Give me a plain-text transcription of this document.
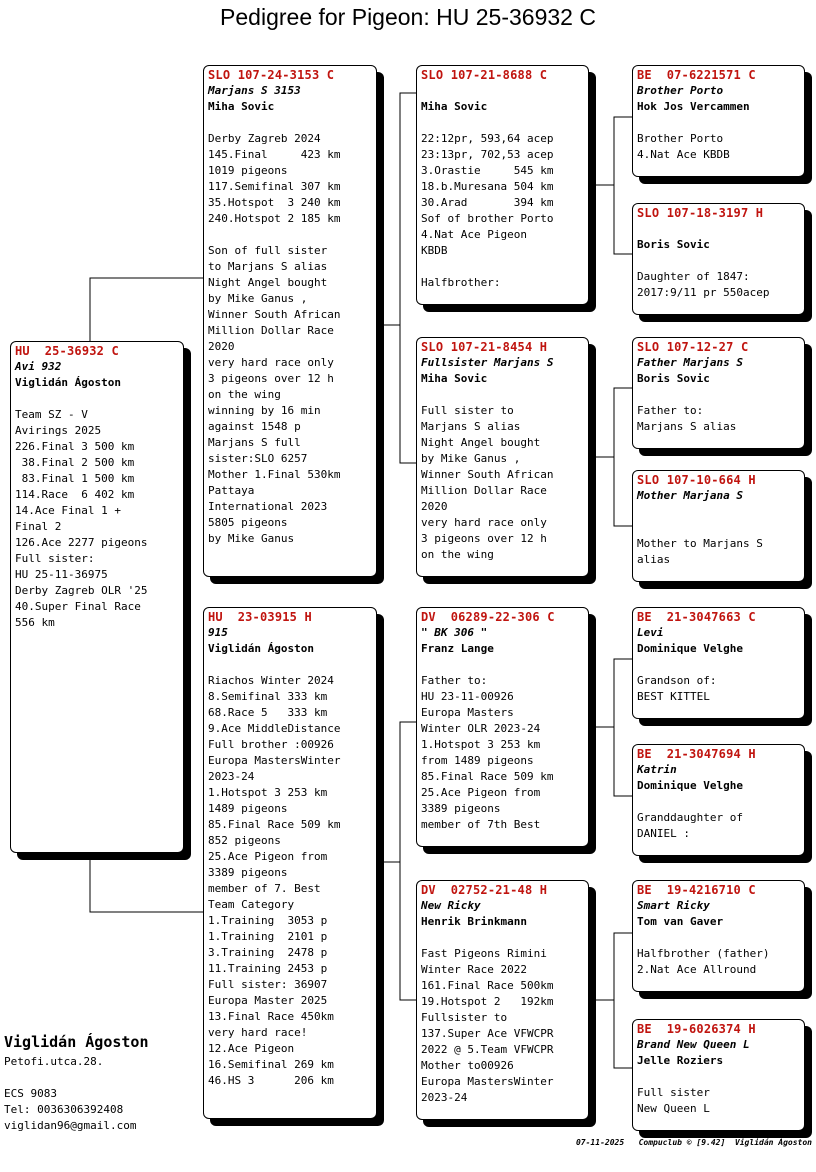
Pedigree for Pigeon: HU 25-36932 C
HU  25-36932 C
Avi 932
Viglidán Ágoston
Team SZ - V
Avirings 2025
226.Final 3 500 km
38.Final 2 500 km
83.Final 1 500 km
114.Race  6 402 km
14.Ace Final 1 +
Final 2
126.Ace 2277 pigeons
Full sister:
HU 25-11-36975
Derby Zagreb OLR '25
40.Super Final Race
556 km
SLO 107-24-3153 C
Marjans S 3153
Miha Sovic
Derby Zagreb 2024
145.Final     423 km
1019 pigeons
117.Semifinal 307 km
35.Hotspot  3 240 km
240.Hotspot 2 185 km

Son of full sister
to Marjans S alias
Night Angel bought
by Mike Ganus ,
Winner South African
Million Dollar Race
2020
very hard race only
3 pigeons over 12 h
on the wing
winning by 16 min
against 1548 p
Marjans S full
sister:SLO 6257
Mother 1.Final 530km
Pattaya
International 2023
5805 pigeons
by Mike Ganus
HU  23-03915 H
915
Viglidán Ágoston
Riachos Winter 2024
8.Semifinal 333 km
68.Race 5   333 km
9.Ace MiddleDistance
Full brother :00926
Europa MastersWinter
2023-24
1.Hotspot 3 253 km
1489 pigeons
85.Final Race 509 km
852 pigeons
25.Ace Pigeon from
3389 pigeons
member of 7. Best
Team Category
1.Training  3053 p
1.Training  2101 p
3.Training  2478 p
11.Training 2453 p
Full sister: 36907
Europa Master 2025
13.Final Race 450km
very hard race!
12.Ace Pigeon
16.Semifinal 269 km
46.HS 3      206 km
SLO 107-21-8688 C
Miha Sovic
22:12pr, 593,64 acep
23:13pr, 702,53 acep
3.Orastie     545 km
18.b.Muresana 504 km
30.Arad       394 km
Sof of brother Porto
4.Nat Ace Pigeon
KBDB

Halfbrother:
SLO 107-21-8454 H
Fullsister Marjans S
Miha Sovic
Full sister to
Marjans S alias
Night Angel bought
by Mike Ganus ,
Winner South African
Million Dollar Race
2020
very hard race only
3 pigeons over 12 h
on the wing
DV  06289-22-306 C
" BK 306 "
Franz Lange
Father to:
HU 23-11-00926
Europa Masters
Winter OLR 2023-24
1.Hotspot 3 253 km
from 1489 pigeons
85.Final Race 509 km
25.Ace Pigeon from
3389 pigeons
member of 7th Best
DV  02752-21-48 H
New Ricky
Henrik Brinkmann
Fast Pigeons Rimini
Winter Race 2022
161.Final Race 500km
19.Hotspot 2   192km
Fullsister to
137.Super Ace VFWCPR
2022 @ 5.Team VFWCPR
Mother to00926
Europa MastersWinter
2023-24
BE  07-6221571 C
Brother Porto
Hok Jos Vercammen
Brother Porto
4.Nat Ace KBDB
SLO 107-18-3197 H
Boris Sovic
Daughter of 1847:
2017:9/11 pr 550acep
SLO 107-12-27 C
Father Marjans S
Boris Sovic
Father to:
Marjans S alias
SLO 107-10-664 H
Mother Marjana S
Mother to Marjans S
alias
BE  21-3047663 C
Levi
Dominique Velghe
Grandson of:
BEST KITTEL
BE  21-3047694 H
Katrin
Dominique Velghe
Granddaughter of
DANIEL :
BE  19-4216710 C
Smart Ricky
Tom van Gaver
Halfbrother (father)
2.Nat Ace Allround
BE  19-6026374 H
Brand New Queen L
Jelle Roziers
Full sister
New Queen L
Viglidán Ágoston
Petofi.utca.28.
ECS 9083
Tel: 0036306392408
viglidan96@gmail.com
07-11-2025   Compuclub © [9.42]  Viglidán Ágoston
